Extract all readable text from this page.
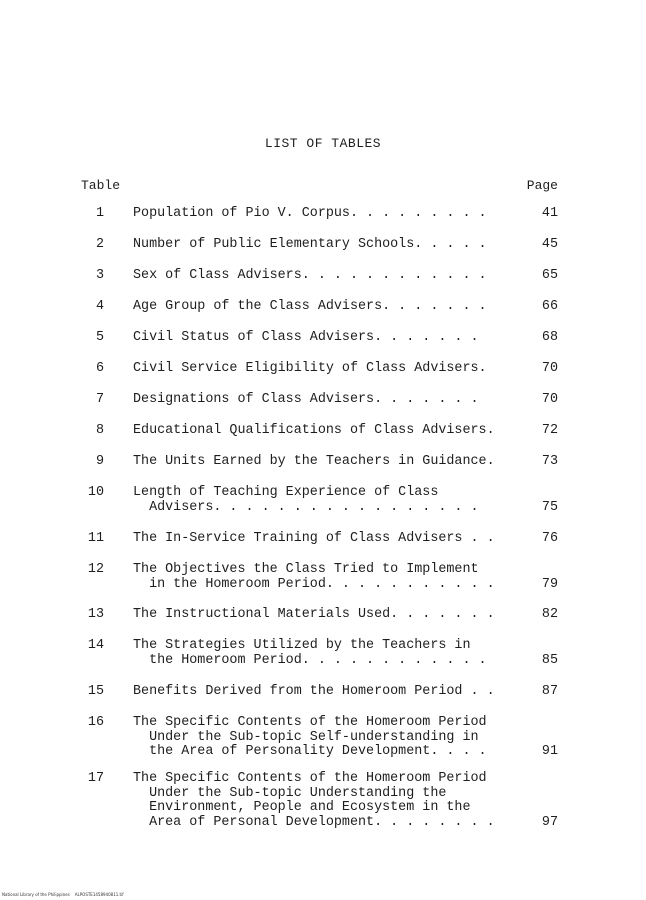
LIST OF TABLES
Table	Page
1 Population of Pio V. Corpus. . . . . . . . .	41
2 Number of Public Elementary Schools. . . . .	45
3 Sex of Class Advisers. . . . . . . . . . . .	65
4 Age Group of the Class Advisers. . . . . . .	66
5 Civil Status of Class Advisers. . . . . . .	68
6 Civil Service Eligibility of Class Advisers.	70
7 Designations of Class Advisers. . . . . . .	70
8 Educational Qualifications of Class Advisers.	72
9 The Units Earned by the Teachers in Guidance.	73
10 Length of Teaching Experience of Class
Advisers. . . . . . . . . . . . . . . . .	75
11 The In-Service Training of Class Advisers . .	76
12 The Objectives the Class Tried to Implement
in the Homeroom Period. . . . . . . . . . .	79
13 The Instructional Materials Used. . . . . . .	82
14 The Strategies Utilized by the Teachers in
the Homeroom Period. . . . . . . . . . . .	85
15 Benefits Derived from the Homeroom Period . .	87
16 The Specific Contents of the Homeroom Period
Under the Sub-topic Self-understanding in
the Area of Personality Development. . . .	91
17 The Specific Contents of the Homeroom Period
Under the Sub-topic Understanding the
Environment, People and Ecosystem in the
Area of Personal Development. . . . . . . .	97
National Library of the Philippines    ALPOSTE1458940811.tif
